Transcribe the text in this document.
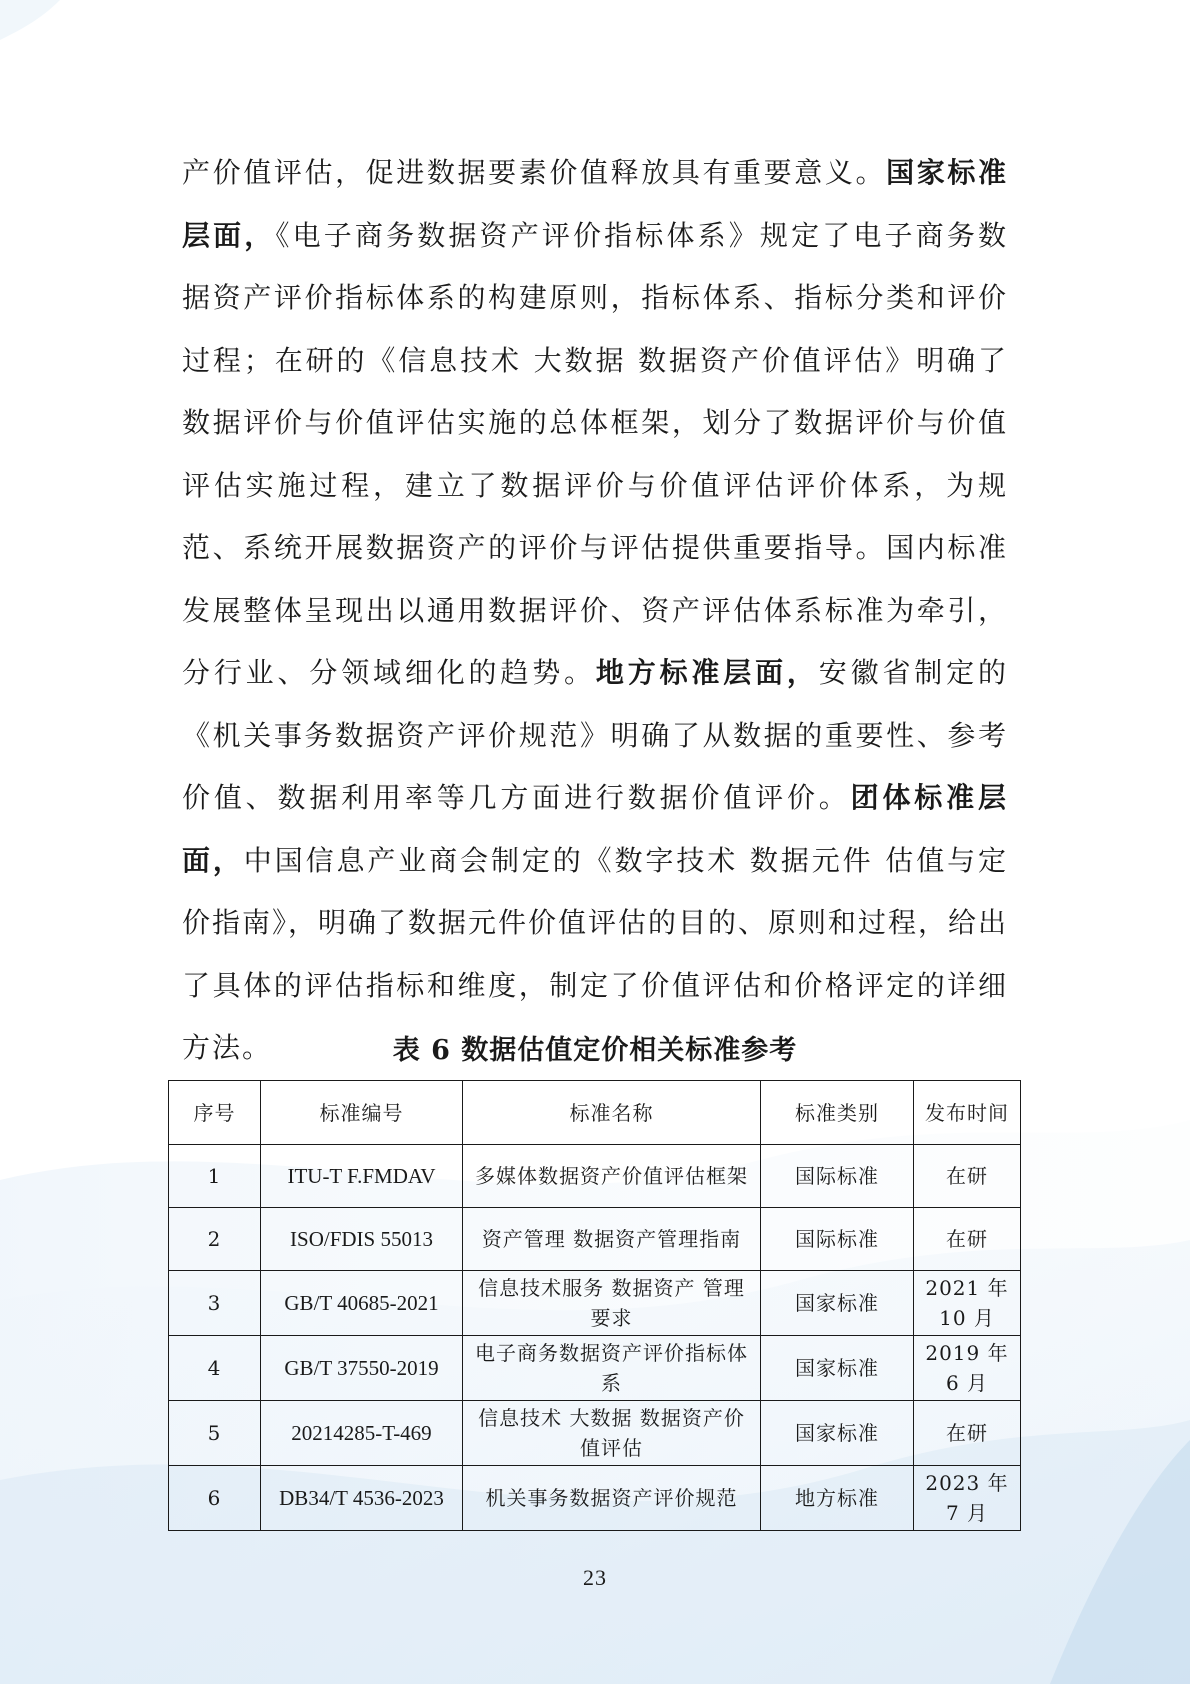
产价值评估，促进数据要素价值释放具有重要意义。国家标准层面，《电子商务数据资产评价指标体系》规定了电子商务数据资产评价指标体系的构建原则，指标体系、指标分类和评价过程；在研的《信息技术 大数据 数据资产价值评估》明确了数据评价与价值评估实施的总体框架，划分了数据评价与价值评估实施过程，建立了数据评价与价值评估评价体系，为规范、系统开展数据资产的评价与评估提供重要指导。国内标准发展整体呈现出以通用数据评价、资产评估体系标准为牵引，分行业、分领域细化的趋势。地方标准层面，安徽省制定的《机关事务数据资产评价规范》明确了从数据的重要性、参考价值、数据利用率等几方面进行数据价值评价。团体标准层面，中国信息产业商会制定的《数字技术 数据元件 估值与定价指南》，明确了数据元件价值评估的目的、原则和过程，给出了具体的评估指标和维度，制定了价值评估和价格评定的详细方法。	表 6 数据估值定价相关标准参考
序号	标准编号	标准名称	标准类别	发布时间
1	ITU-T F.FMDAV	多媒体数据资产价值评估框架	国际标准	在研
2	ISO/FDIS 55013	资产管理 数据资产管理指南	国际标准	在研
3	GB/T 40685-2021	信息技术服务 数据资产 管理要求	国家标准	2021 年 10 月
4	GB/T 37550-2019	电子商务数据资产评价指标体系	国家标准	2019 年 6 月
5	20214285-T-469	信息技术 大数据 数据资产价值评估	国家标准	在研
6	DB34/T 4536-2023	机关事务数据资产评价规范	地方标准	2023 年 7 月
23
